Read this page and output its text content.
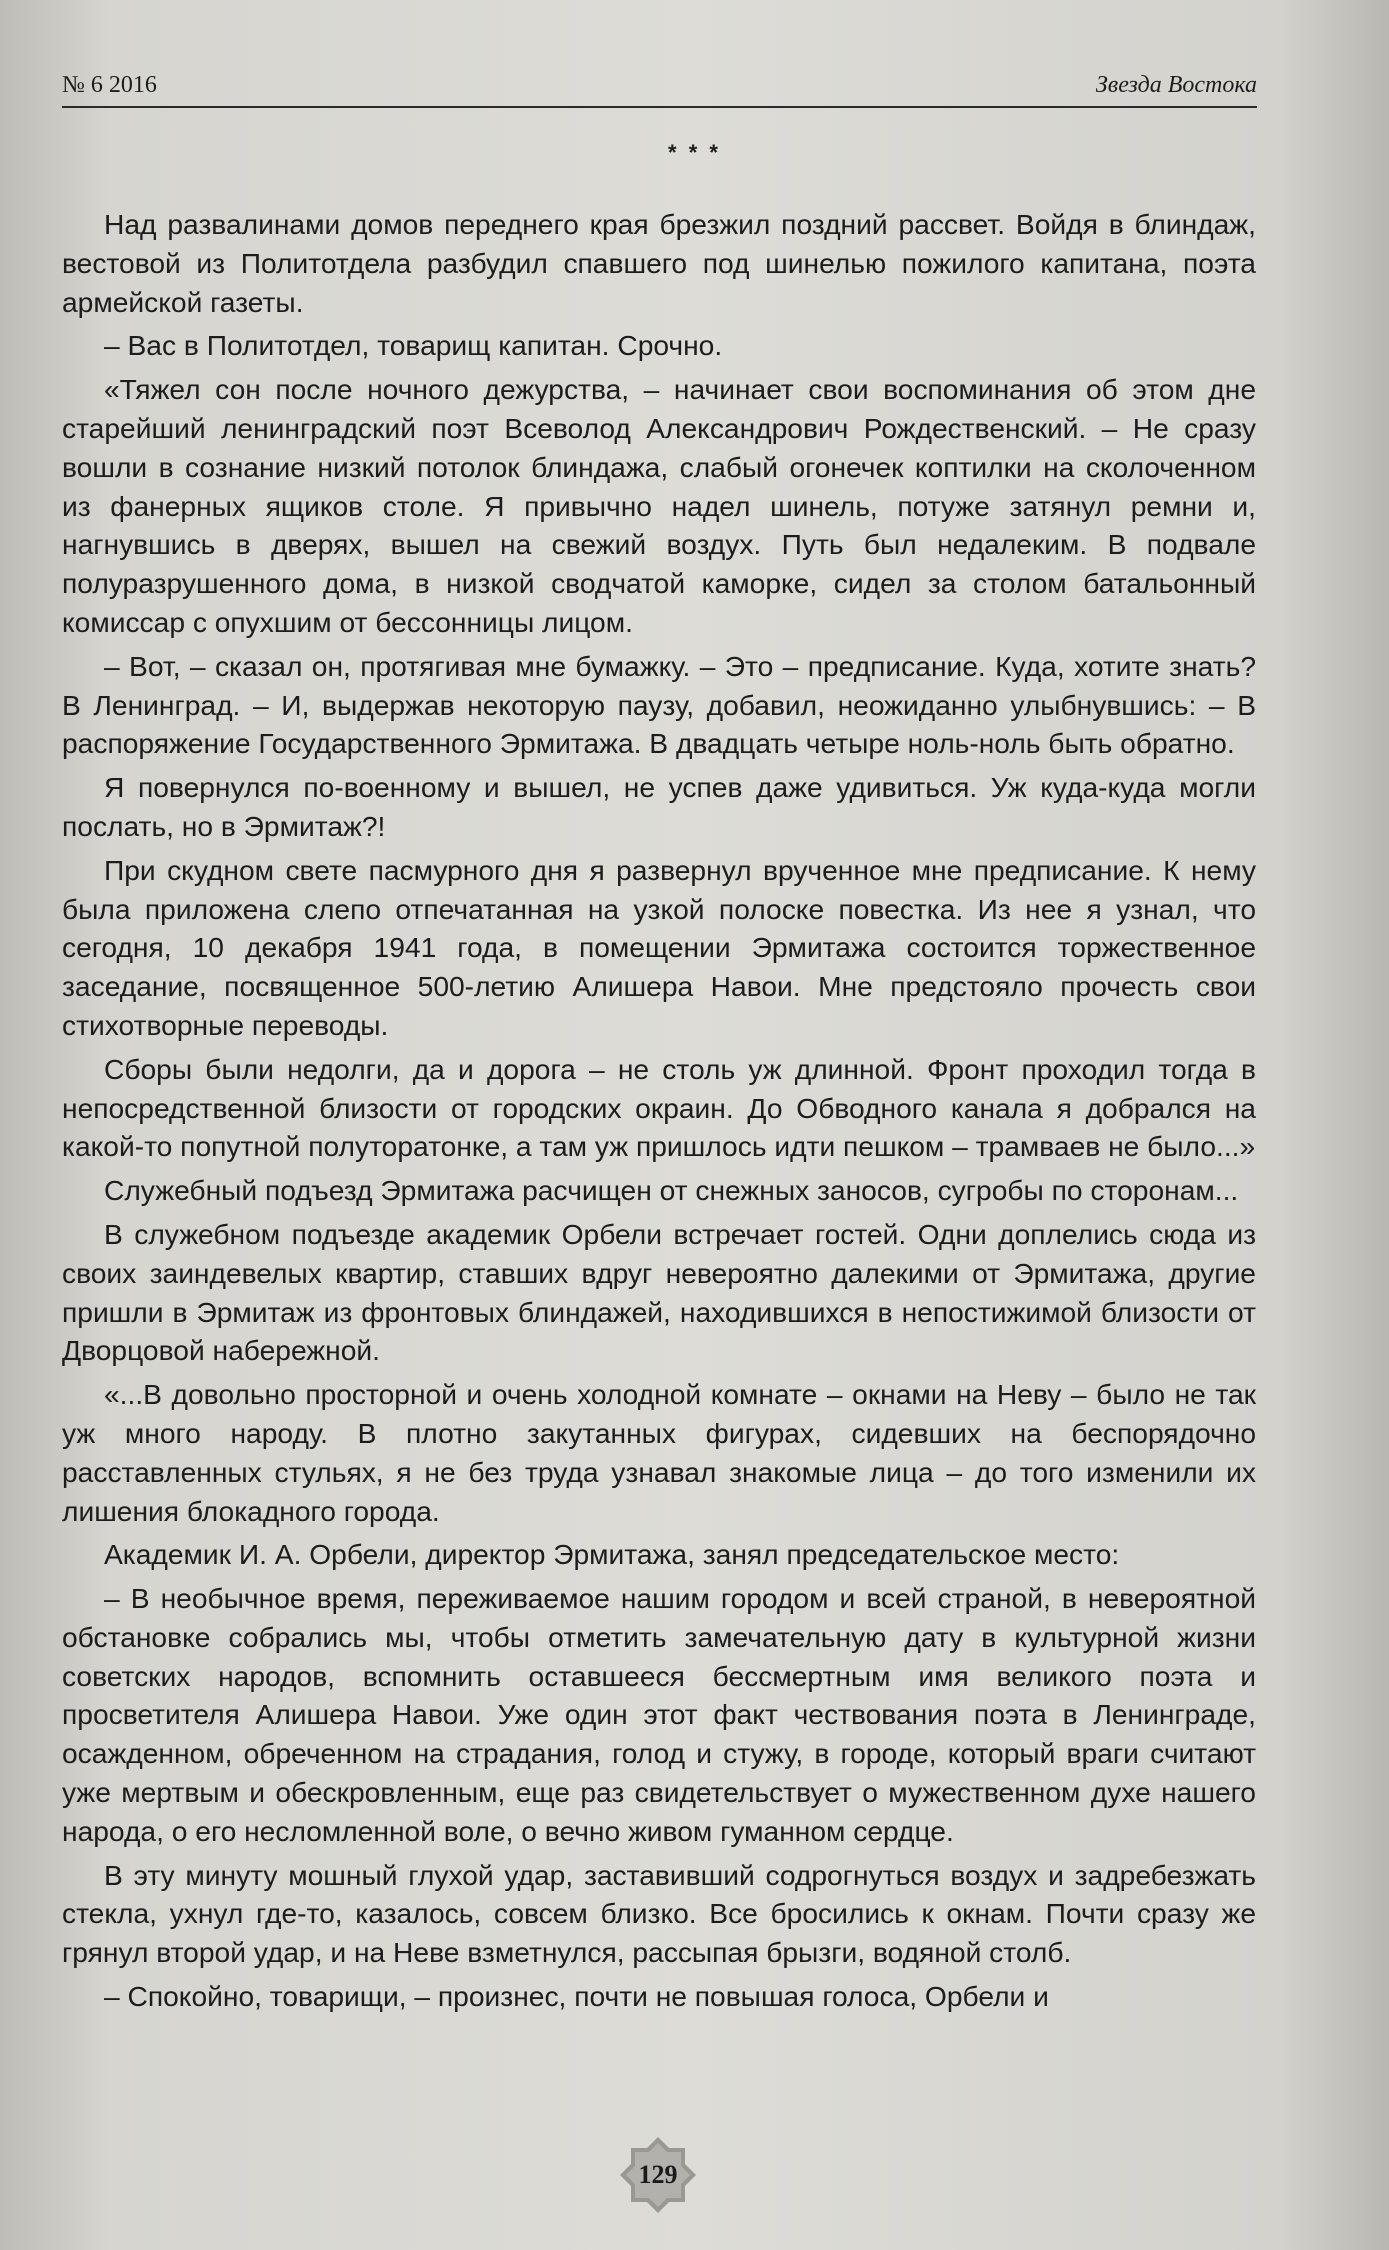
№ 6 2016	Звезда Востока
* * *

Над развалинами домов переднего края брезжил поздний рассвет. Войдя в блиндаж, вестовой из Политотдела разбудил спавшего под шинелью пожилого капитана, поэта армейской газеты.

– Вас в Политотдел, товарищ капитан. Срочно.

«Тяжел сон после ночного дежурства, – начинает свои воспоминания об этом дне старейший ленинградский поэт Всеволод Александрович Рождественский. – Не сразу вошли в сознание низкий потолок блиндажа, слабый огонечек коптилки на сколоченном из фанерных ящиков столе. Я привычно надел шинель, потуже затянул ремни и, нагнувшись в дверях, вышел на свежий воздух. Путь был недалеким. В подвале полуразрушенного дома, в низкой сводчатой каморке, сидел за столом батальонный комиссар с опухшим от бессонницы лицом.

– Вот, – сказал он, протягивая мне бумажку. – Это – предписание. Куда, хотите знать? В Ленинград. – И, выдержав некоторую паузу, добавил, неожиданно улыбнувшись: – В распоряжение Государственного Эрмитажа. В двадцать четыре ноль-ноль быть обратно.

Я повернулся по-военному и вышел, не успев даже удивиться. Уж куда-куда могли послать, но в Эрмитаж?!

При скудном свете пасмурного дня я развернул врученное мне предписание. К нему была приложена слепо отпечатанная на узкой полоске повестка. Из нее я узнал, что сегодня, 10 декабря 1941 года, в помещении Эрмитажа состоится торжественное заседание, посвященное 500-летию Алишера Навои. Мне предстояло прочесть свои стихотворные переводы.

Сборы были недолги, да и дорога – не столь уж длинной. Фронт проходил тогда в непосредственной близости от городских окраин. До Обводного канала я добрался на какой-то попутной полуторатонке, а там уж пришлось идти пешком – трамваев не было...»

Служебный подъезд Эрмитажа расчищен от снежных заносов, сугробы по сторонам...

В служебном подъезде академик Орбели встречает гостей. Одни доплелись сюда из своих заиндевелых квартир, ставших вдруг невероятно далекими от Эрмитажа, другие пришли в Эрмитаж из фронтовых блиндажей, находившихся в непостижимой близости от Дворцовой набережной.

«...В довольно просторной и очень холодной комнате – окнами на Неву – было не так уж много народу. В плотно закутанных фигурах, сидевших на беспорядочно расставленных стульях, я не без труда узнавал знакомые лица – до того изменили их лишения блокадного города.

Академик И. А. Орбели, директор Эрмитажа, занял председательское место:

– В необычное время, переживаемое нашим городом и всей страной, в невероятной обстановке собрались мы, чтобы отметить замечательную дату в культурной жизни советских народов, вспомнить оставшееся бессмертным имя великого поэта и просветителя Алишера Навои. Уже один этот факт чествования поэта в Ленинграде, осажденном, обреченном на страдания, голод и стужу, в городе, который враги считают уже мертвым и обескровленным, еще раз свидетельствует о мужественном духе нашего народа, о его несломленной воле, о вечно живом гуманном сердце.

В эту минуту мошный глухой удар, заставивший содрогнуться воздух и задребезжать стекла, ухнул где-то, казалось, совсем близко. Все бросились к окнам. Почти сразу же грянул второй удар, и на Неве взметнулся, рассыпая брызги, водяной столб.

– Спокойно, товарищи, – произнес, почти не повышая голоса, Орбели и

129
